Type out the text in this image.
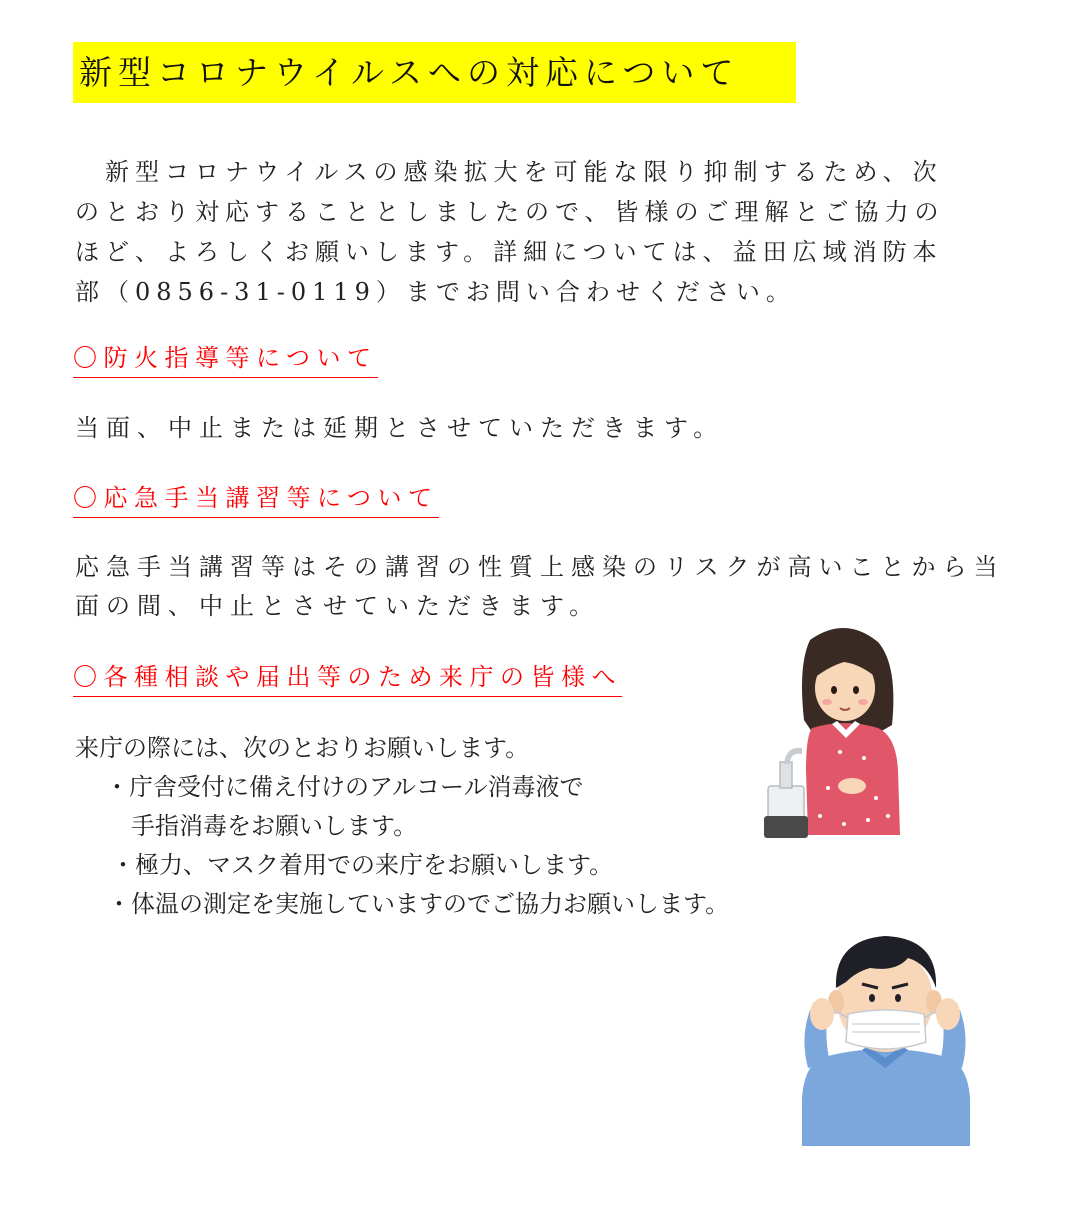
新型コロナウイルスへの対応について

　新型コロナウイルスの感染拡大を可能な限り抑制するため、次

のとおり対応することとしましたので、皆様のご理解とご協力の

ほど、よろしくお願いします。詳細については、益田広域消防本

部（0856-31-0119）までお問い合わせください。

〇防火指導等について

当面、中止または延期とさせていただきます。

〇応急手当講習等について

応急手当講習等はその講習の性質上感染のリスクが高いことから当

面の間、中止とさせていただきます。

〇各種相談や届出等のため来庁の皆様へ

来庁の際には、次のとおりお願いします。

・庁舎受付に備え付けのアルコール消毒液で

手指消毒をお願いします。

・極力、マスク着用での来庁をお願いします。

・体温の測定を実施していますのでご協力お願いします。
